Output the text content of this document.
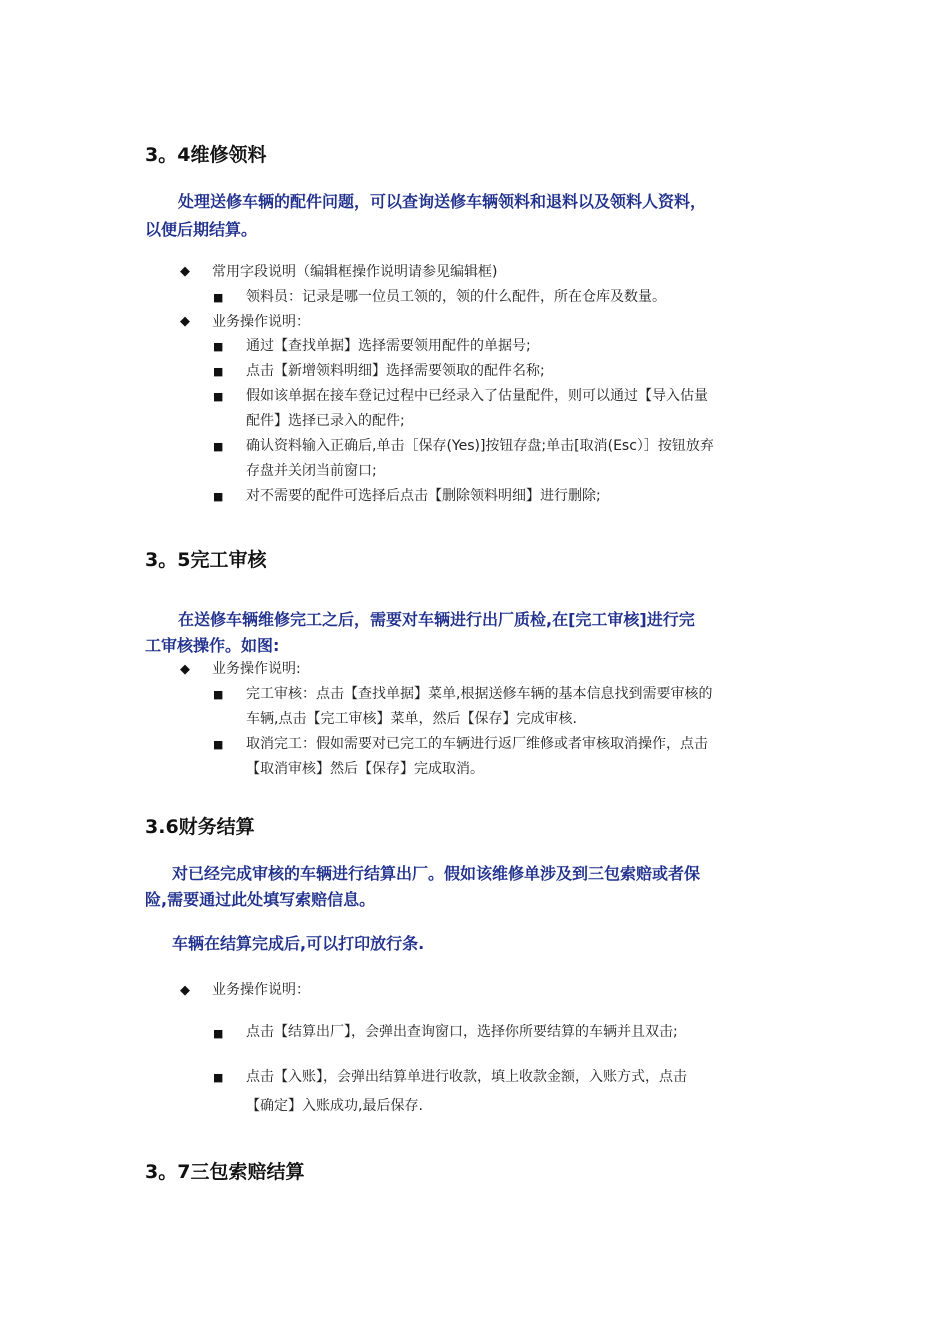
3。4维修领料
处理送修车辆的配件问题，可以查询送修车辆领料和退料以及领料人资料，
以便后期结算。
◆ 常用字段说明（编辑框操作说明请参见编辑框)
■ 领料员：记录是哪一位员工领的，领的什么配件，所在仓库及数量。
◆ 业务操作说明：
■ 通过【查找单据】选择需要领用配件的单据号;
■ 点击【新增领料明细】选择需要领取的配件名称;
■ 假如该单据在接车登记过程中已经录入了估量配件，则可以通过【导入估量
配件】选择已录入的配件;
■ 确认资料输入正确后,单击［保存(Yes)]按钮存盘;单击[取消(Esc）］按钮放弃
存盘并关闭当前窗口;
■ 对不需要的配件可选择后点击【删除领料明细】进行删除;
3。5完工审核
在送修车辆维修完工之后，需要对车辆进行出厂质检,在[完工审核]进行完
工审核操作。如图:
◆ 业务操作说明:
■ 完工审核：点击【查找单据】菜单,根据送修车辆的基本信息找到需要审核的
车辆,点击【完工审核】菜单，然后【保存】完成审核.
■ 取消完工：假如需要对已完工的车辆进行返厂维修或者审核取消操作，点击
【取消审核】然后【保存】完成取消。
3.6财务结算
对已经完成审核的车辆进行结算出厂。假如该维修单涉及到三包索赔或者保
险,需要通过此处填写索赔信息。
车辆在结算完成后,可以打印放行条.
◆ 业务操作说明：
■ 点击【结算出厂】，会弹出查询窗口，选择你所要结算的车辆并且双击;
■ 点击【入账】，会弹出结算单进行收款，填上收款金额，入账方式，点击
【确定】入账成功,最后保存.
3。7三包索赔结算
